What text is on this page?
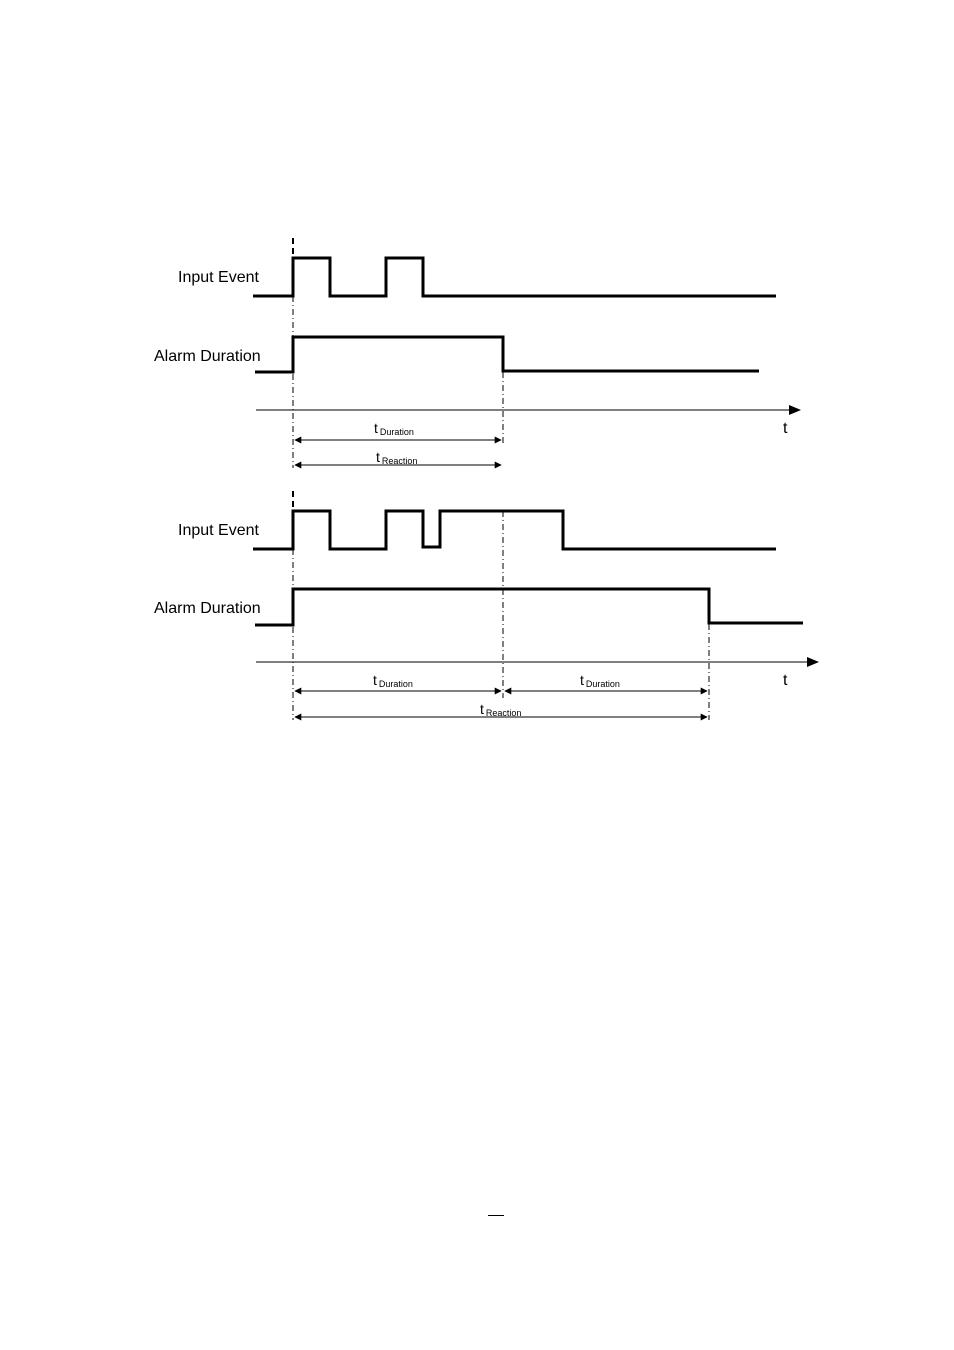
Input Event
Alarm Duration
t
t Duration
t Reaction
Input Event
Alarm Duration
t
t Duration	t Duration
t Reaction
